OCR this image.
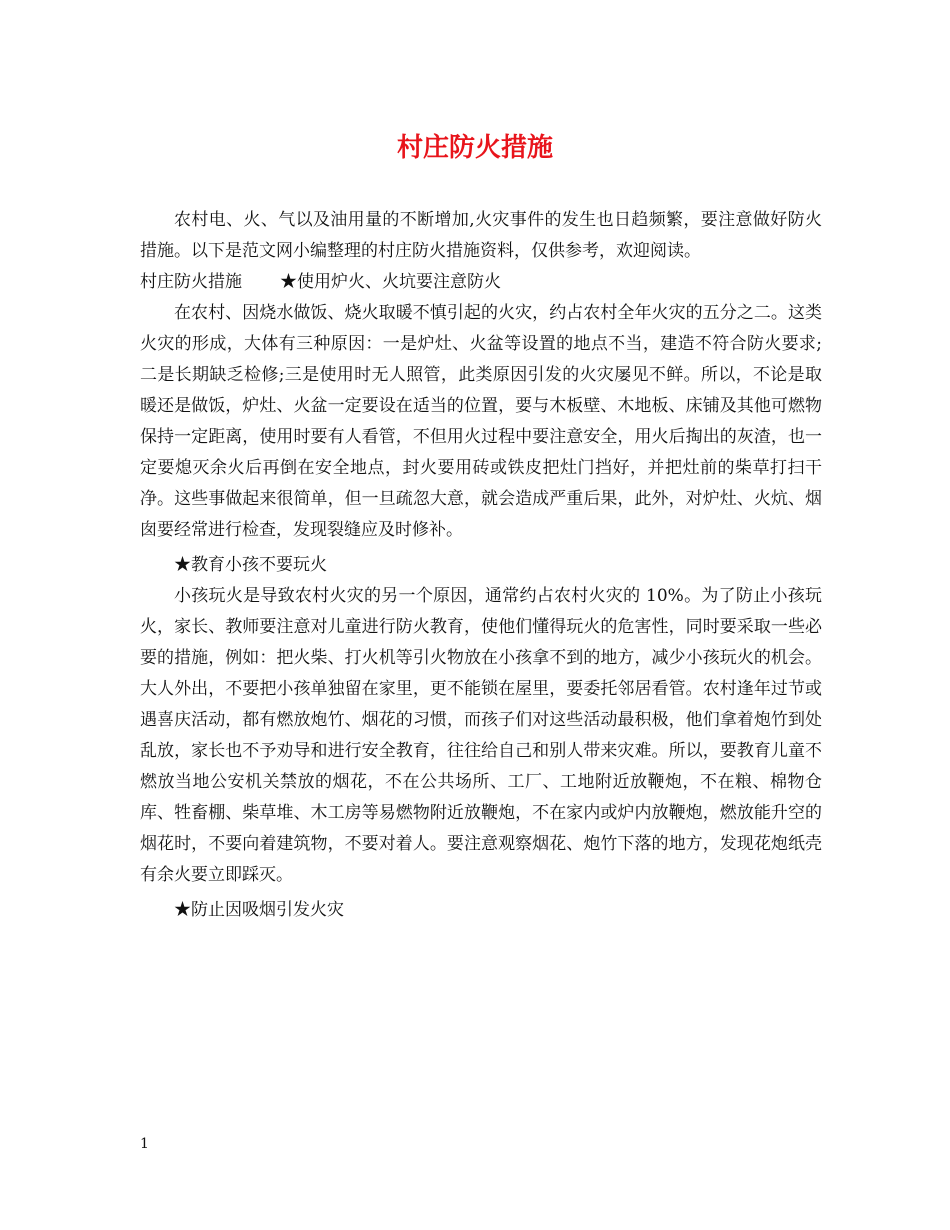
村庄防火措施

农村电、火、气以及油用量的不断增加,火灾事件的发生也日趋频繁，要注意做好防火措施。以下是范文网小编整理的村庄防火措施资料，仅供参考，欢迎阅读。

村庄防火措施 ★使用炉火、火坑要注意防火

在农村、因烧水做饭、烧火取暖不慎引起的火灾，约占农村全年火灾的五分之二。这类火灾的形成，大体有三种原因：一是炉灶、火盆等设置的地点不当，建造不符合防火要求;二是长期缺乏检修;三是使用时无人照管，此类原因引发的火灾屡见不鲜。所以，不论是取暖还是做饭，炉灶、火盆一定要设在适当的位置，要与木板壁、木地板、床铺及其他可燃物保持一定距离，使用时要有人看管，不但用火过程中要注意安全，用火后掏出的灰渣，也一定要熄灭余火后再倒在安全地点，封火要用砖或铁皮把灶门挡好，并把灶前的柴草打扫干净。这些事做起来很简单，但一旦疏忽大意，就会造成严重后果，此外，对炉灶、火炕、烟囱要经常进行检查，发现裂缝应及时修补。

★教育小孩不要玩火

小孩玩火是导致农村火灾的另一个原因，通常约占农村火灾的 10%。为了防止小孩玩火，家长、教师要注意对儿童进行防火教育，使他们懂得玩火的危害性，同时要采取一些必要的措施，例如：把火柴、打火机等引火物放在小孩拿不到的地方，减少小孩玩火的机会。大人外出，不要把小孩单独留在家里，更不能锁在屋里，要委托邻居看管。农村逢年过节或遇喜庆活动，都有燃放炮竹、烟花的习惯，而孩子们对这些活动最积极，他们拿着炮竹到处乱放，家长也不予劝导和进行安全教育，往往给自己和别人带来灾难。所以，要教育儿童不燃放当地公安机关禁放的烟花，不在公共场所、工厂、工地附近放鞭炮，不在粮、棉物仓库、牲畜棚、柴草堆、木工房等易燃物附近放鞭炮，不在家内或炉内放鞭炮，燃放能升空的烟花时，不要向着建筑物，不要对着人。要注意观察烟花、炮竹下落的地方，发现花炮纸壳有余火要立即踩灭。

★防止因吸烟引发火灾

1
